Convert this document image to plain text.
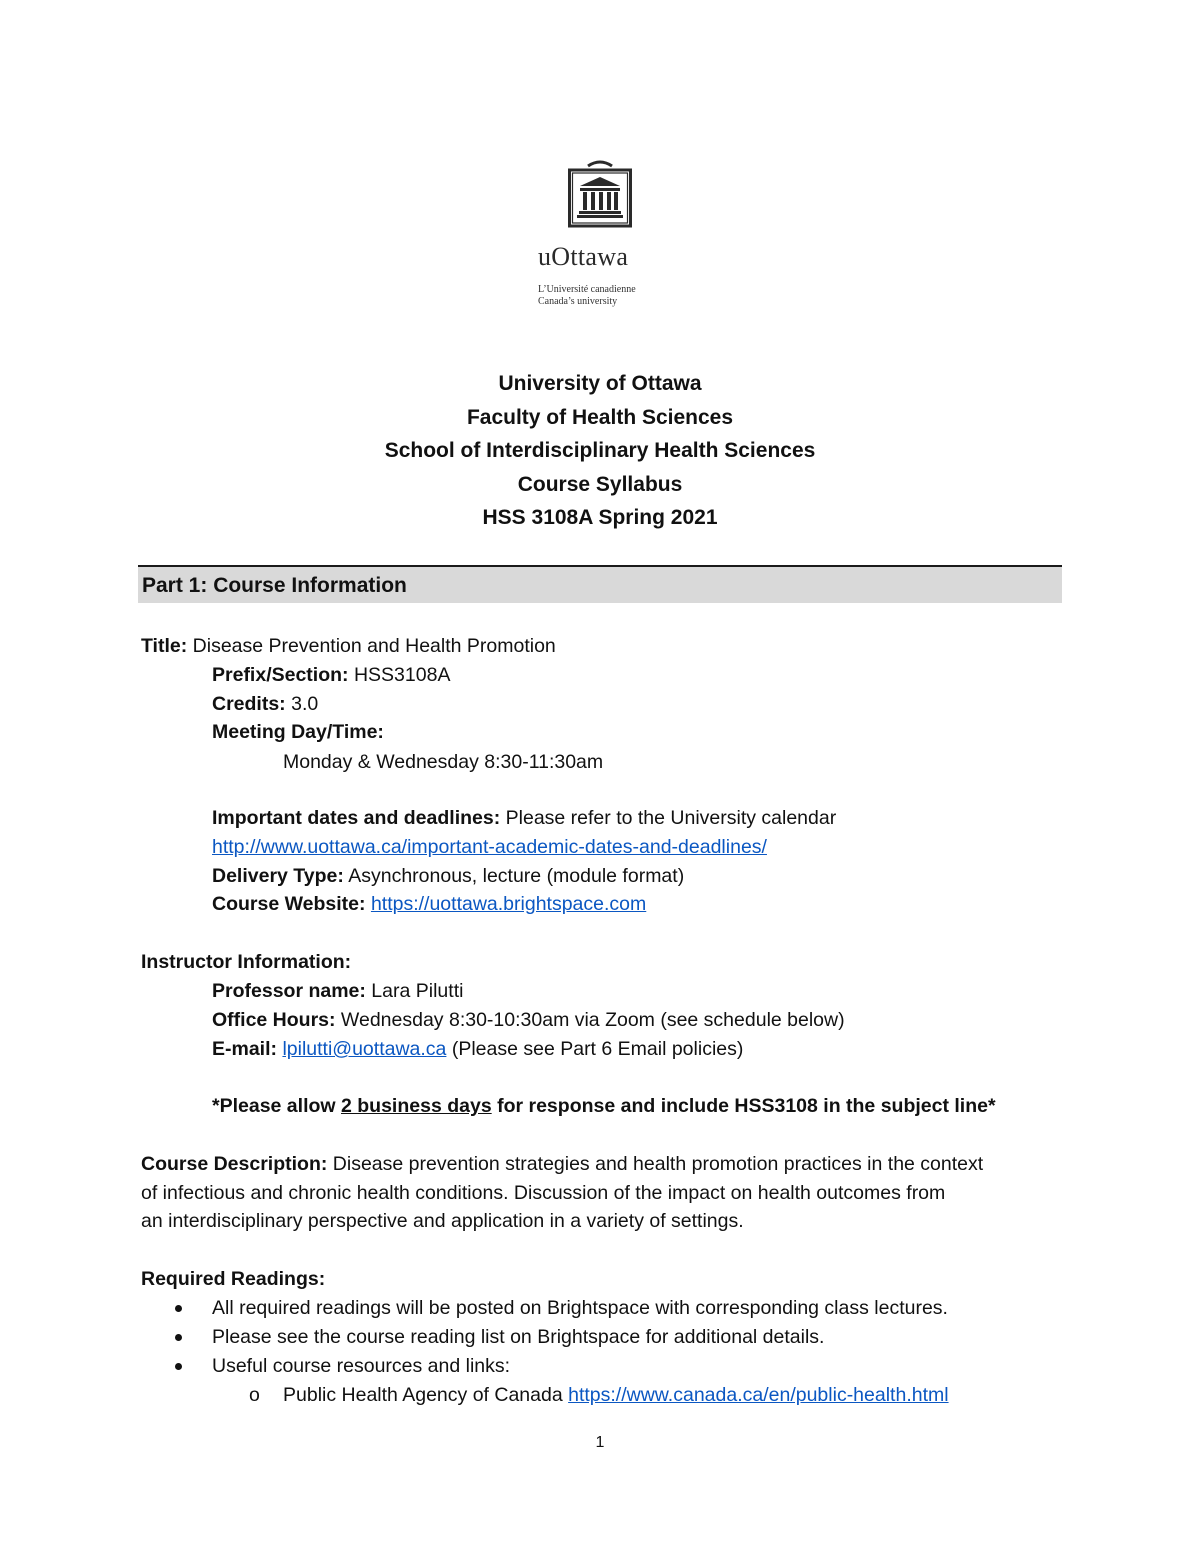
uOttawa
L’Université canadienne
Canada’s university
University of Ottawa
Faculty of Health Sciences
School of Interdisciplinary Health Sciences
Course Syllabus
HSS 3108A Spring 2021
Part 1: Course Information
Title: Disease Prevention and Health Promotion
Prefix/Section: HSS3108A
Credits: 3.0
Meeting Day/Time:
Monday & Wednesday 8:30-11:30am
Important dates and deadlines: Please refer to the University calendar
http://www.uottawa.ca/important-academic-dates-and-deadlines/
Delivery Type: Asynchronous, lecture (module format)
Course Website: https://uottawa.brightspace.com
Instructor Information:
Professor name: Lara Pilutti
Office Hours: Wednesday 8:30-10:30am via Zoom (see schedule below)
E-mail: lpilutti@uottawa.ca (Please see Part 6 Email policies)
*Please allow 2 business days for response and include HSS3108 in the subject line*
Course Description: Disease prevention strategies and health promotion practices in the context
of infectious and chronic health conditions. Discussion of the impact on health outcomes from
an interdisciplinary perspective and application in a variety of settings.
Required Readings:
All required readings will be posted on Brightspace with corresponding class lectures.
Please see the course reading list on Brightspace for additional details.
Useful course resources and links:
o Public Health Agency of Canada https://www.canada.ca/en/public-health.html
1
